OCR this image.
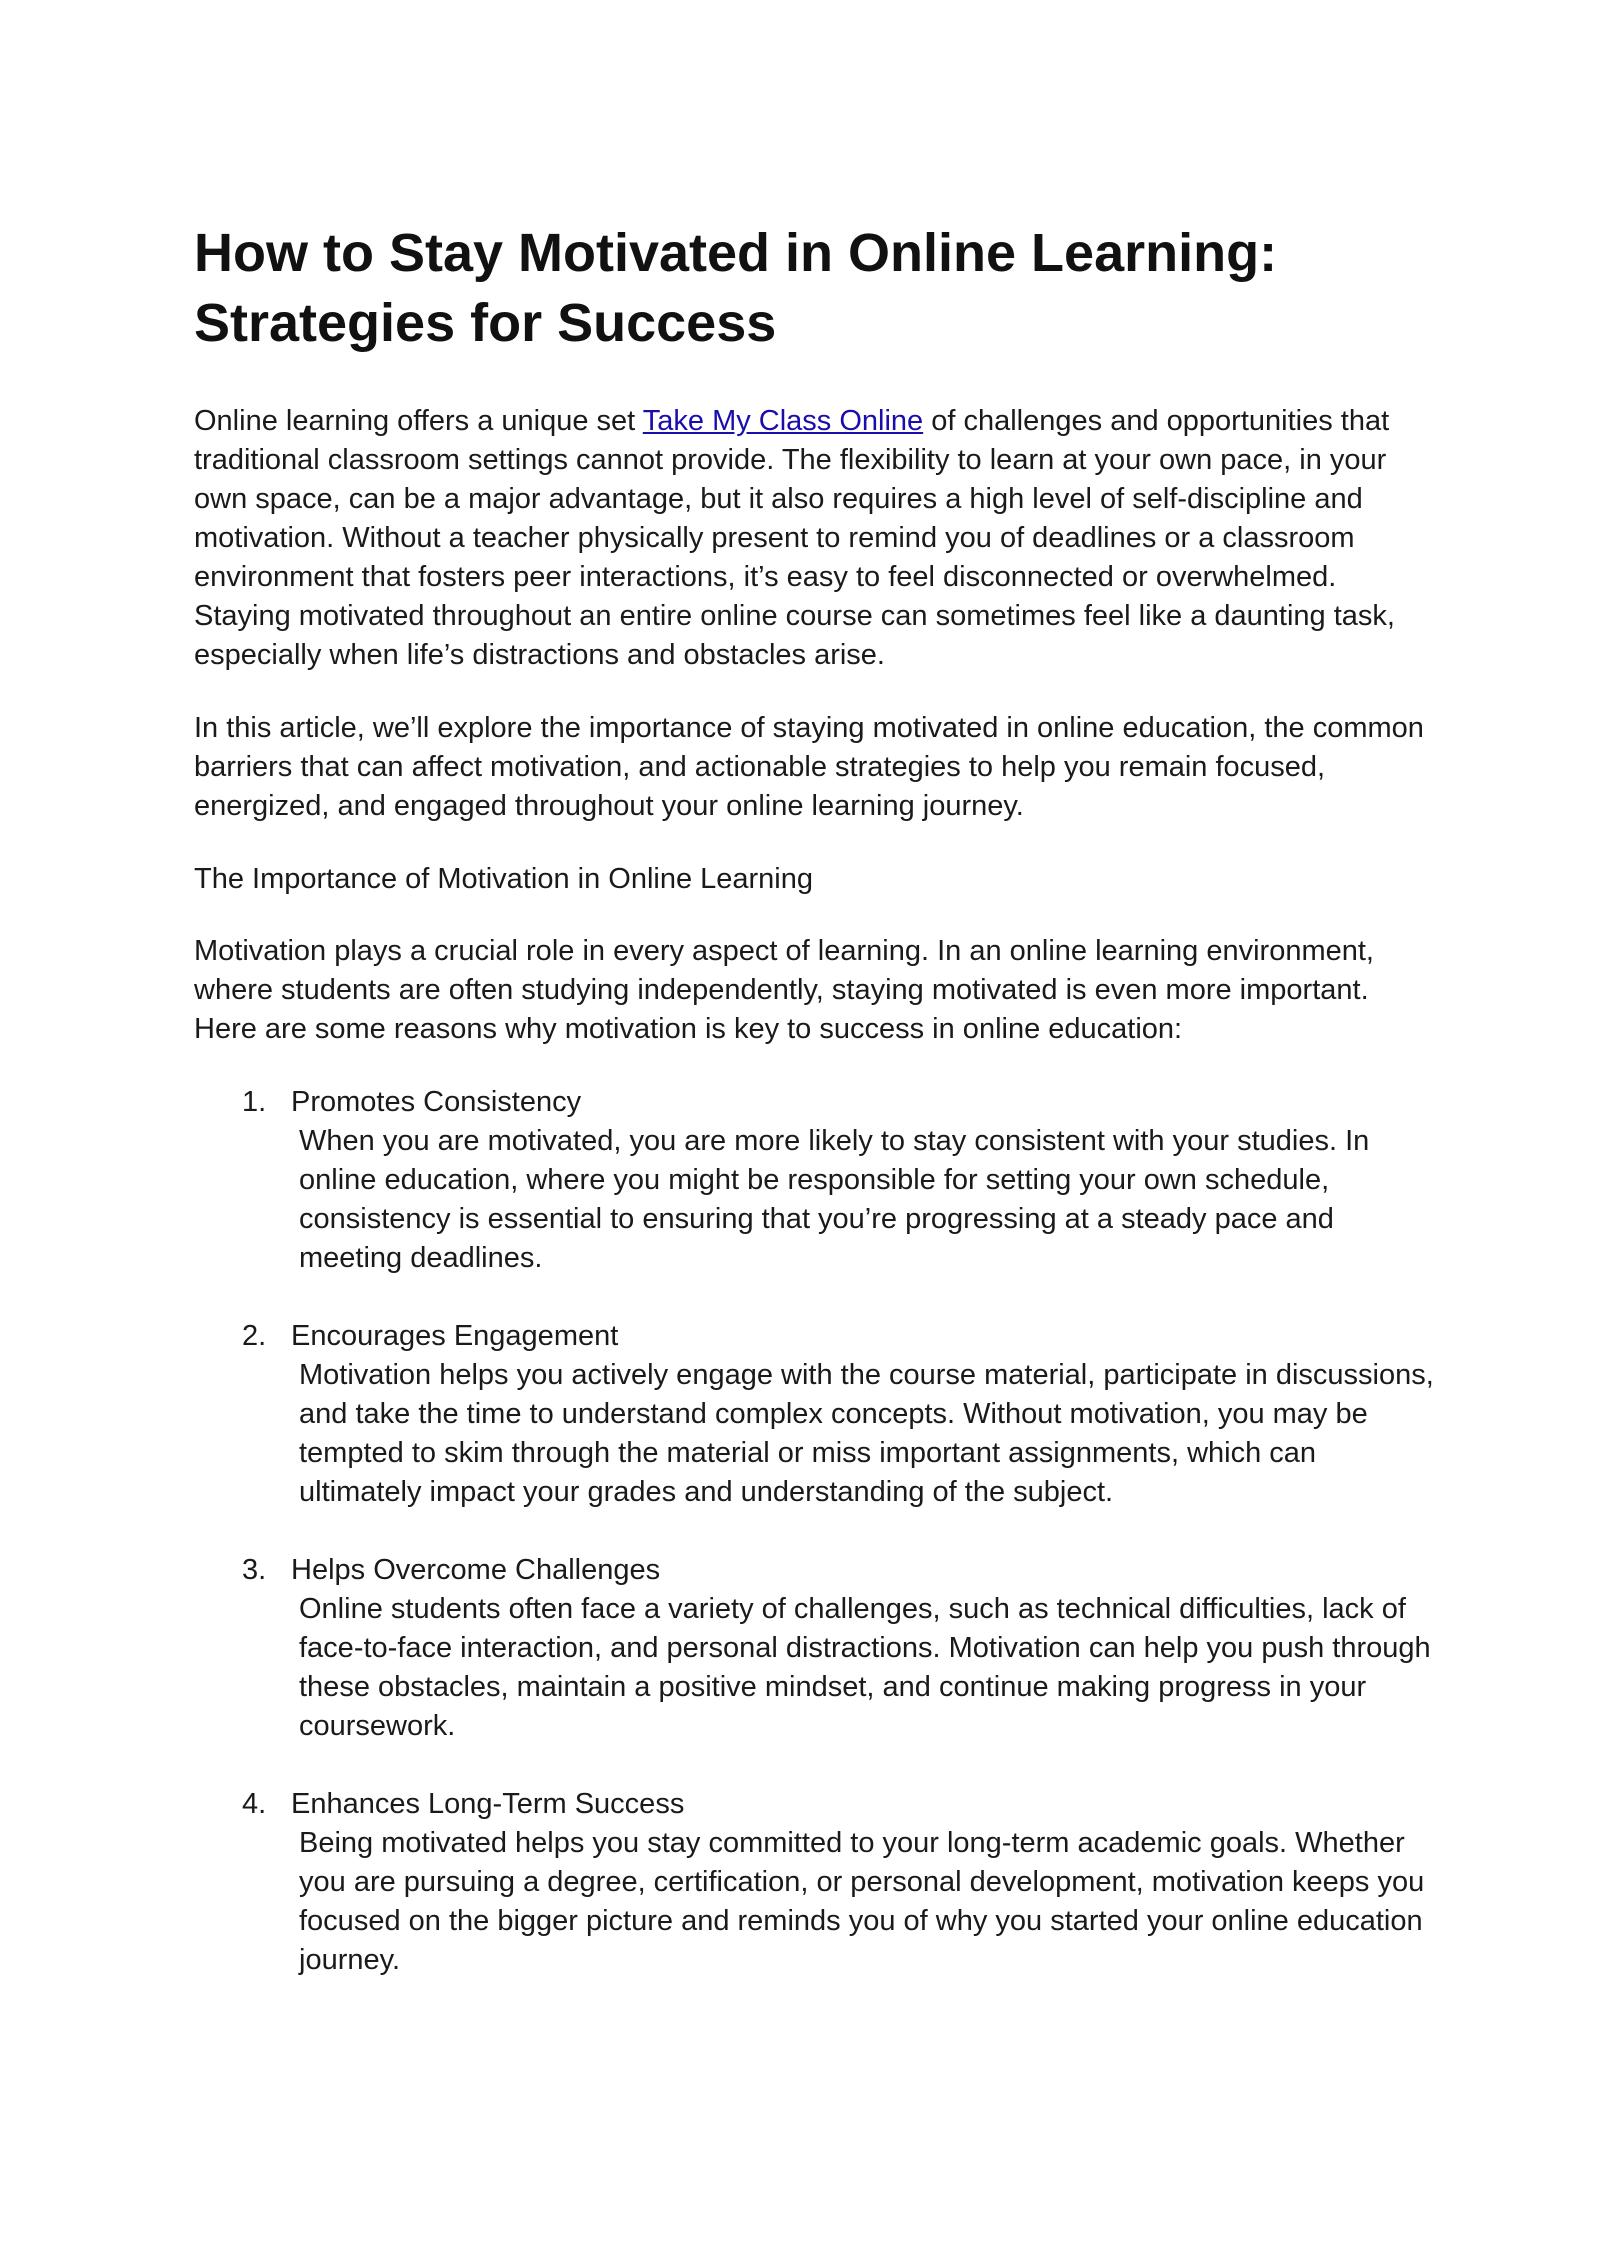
How to Stay Motivated in Online Learning: Strategies for Success

Online learning offers a unique set Take My Class Online of challenges and opportunities that traditional classroom settings cannot provide. The flexibility to learn at your own pace, in your own space, can be a major advantage, but it also requires a high level of self-discipline and motivation. Without a teacher physically present to remind you of deadlines or a classroom environment that fosters peer interactions, it’s easy to feel disconnected or overwhelmed. Staying motivated throughout an entire online course can sometimes feel like a daunting task, especially when life’s distractions and obstacles arise.

In this article, we’ll explore the importance of staying motivated in online education, the common barriers that can affect motivation, and actionable strategies to help you remain focused, energized, and engaged throughout your online learning journey.

The Importance of Motivation in Online Learning

Motivation plays a crucial role in every aspect of learning. In an online learning environment, where students are often studying independently, staying motivated is even more important. Here are some reasons why motivation is key to success in online education:

1. Promotes Consistency
When you are motivated, you are more likely to stay consistent with your studies. In online education, where you might be responsible for setting your own schedule, consistency is essential to ensuring that you’re progressing at a steady pace and meeting deadlines.
2. Encourages Engagement
Motivation helps you actively engage with the course material, participate in discussions, and take the time to understand complex concepts. Without motivation, you may be tempted to skim through the material or miss important assignments, which can ultimately impact your grades and understanding of the subject.
3. Helps Overcome Challenges
Online students often face a variety of challenges, such as technical difficulties, lack of face-to-face interaction, and personal distractions. Motivation can help you push through these obstacles, maintain a positive mindset, and continue making progress in your coursework.
4. Enhances Long-Term Success
Being motivated helps you stay committed to your long-term academic goals. Whether you are pursuing a degree, certification, or personal development, motivation keeps you focused on the bigger picture and reminds you of why you started your online education journey.
